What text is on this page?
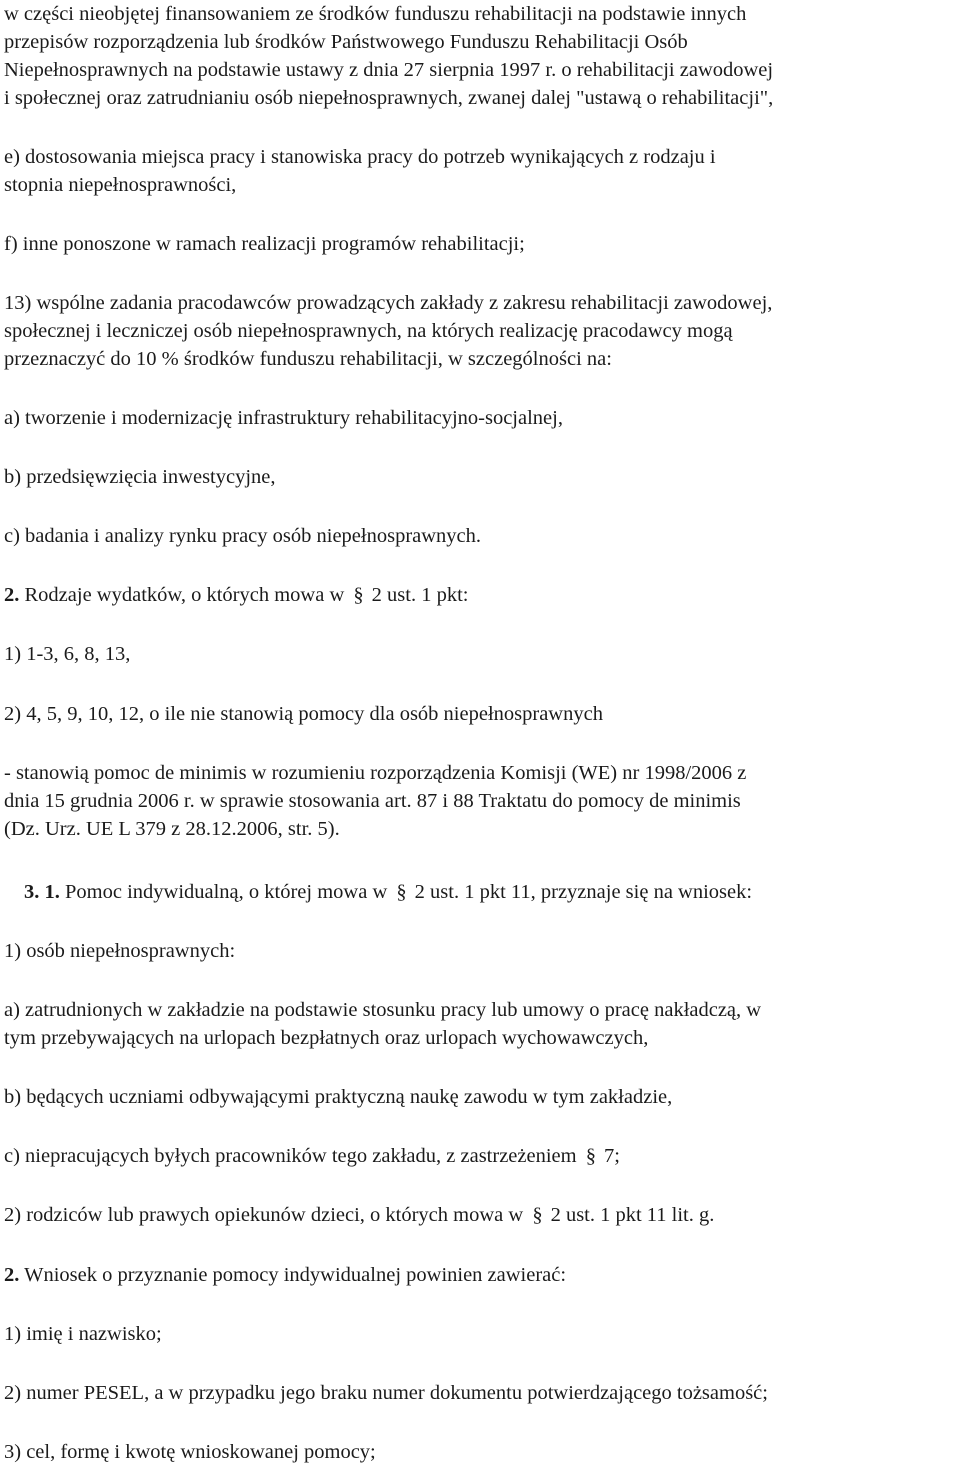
w części nieobjętej finansowaniem ze środków funduszu rehabilitacji na podstawie innych
przepisów rozporządzenia lub środków Państwowego Funduszu Rehabilitacji Osób
Niepełnosprawnych na podstawie ustawy z dnia 27 sierpnia 1997 r. o rehabilitacji zawodowej
i społecznej oraz zatrudnianiu osób niepełnosprawnych, zwanej dalej "ustawą o rehabilitacji",
e) dostosowania miejsca pracy i stanowiska pracy do potrzeb wynikających z rodzaju i
stopnia niepełnosprawności,
f) inne ponoszone w ramach realizacji programów rehabilitacji;
13) wspólne zadania pracodawców prowadzących zakłady z zakresu rehabilitacji zawodowej,
społecznej i leczniczej osób niepełnosprawnych, na których realizację pracodawcy mogą
przeznaczyć do 10 % środków funduszu rehabilitacji, w szczególności na:
a) tworzenie i modernizację infrastruktury rehabilitacyjno-socjalnej,
b) przedsięwzięcia inwestycyjne,
c) badania i analizy rynku pracy osób niepełnosprawnych.
2. Rodzaje wydatków, o których mowa w § 2 ust. 1 pkt:
1) 1-3, 6, 8, 13,
2) 4, 5, 9, 10, 12, o ile nie stanowią pomocy dla osób niepełnosprawnych
- stanowią pomoc de minimis w rozumieniu rozporządzenia Komisji (WE) nr 1998/2006 z
dnia 15 grudnia 2006 r. w sprawie stosowania art. 87 i 88 Traktatu do pomocy de minimis
(Dz. Urz. UE L 379 z 28.12.2006, str. 5).
3. 1. Pomoc indywidualną, o której mowa w § 2 ust. 1 pkt 11, przyznaje się na wniosek:
1) osób niepełnosprawnych:
a) zatrudnionych w zakładzie na podstawie stosunku pracy lub umowy o pracę nakładczą, w
tym przebywających na urlopach bezpłatnych oraz urlopach wychowawczych,
b) będących uczniami odbywającymi praktyczną naukę zawodu w tym zakładzie,
c) niepracujących byłych pracowników tego zakładu, z zastrzeżeniem § 7;
2) rodziców lub prawych opiekunów dzieci, o których mowa w § 2 ust. 1 pkt 11 lit. g.
2. Wniosek o przyznanie pomocy indywidualnej powinien zawierać:
1) imię i nazwisko;
2) numer PESEL, a w przypadku jego braku numer dokumentu potwierdzającego tożsamość;
3) cel, formę i kwotę wnioskowanej pomocy;
